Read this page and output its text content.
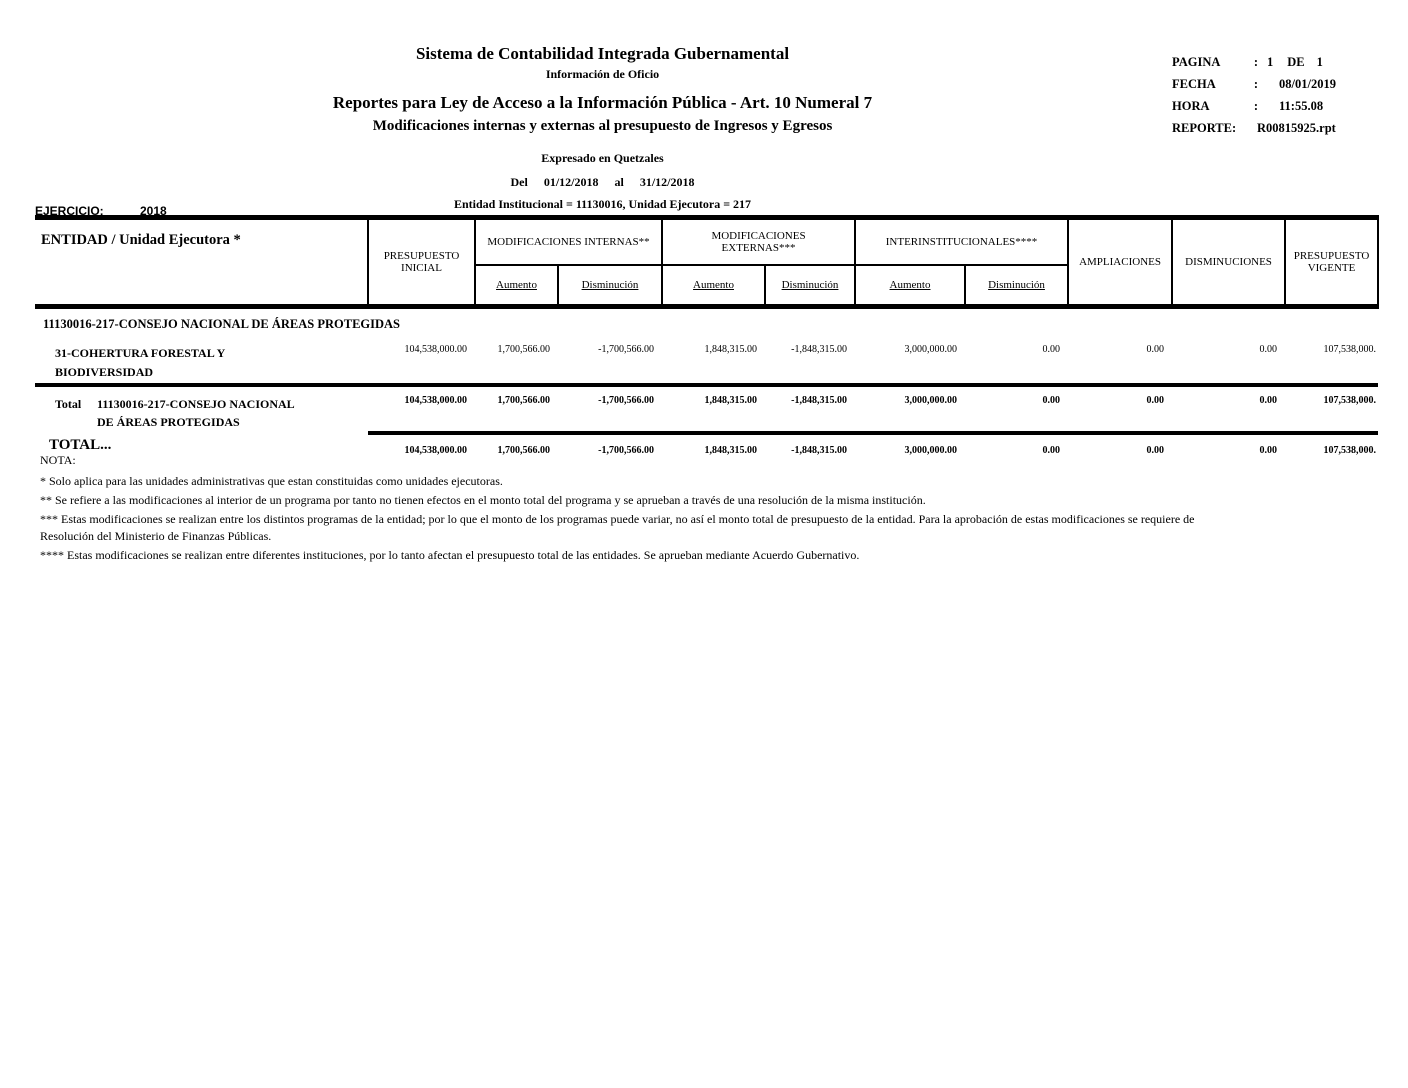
Sistema de Contabilidad Integrada Gubernamental
Información de Oficio
Reportes para Ley de Acceso a la Información Pública - Art. 10 Numeral 7
Modificaciones internas y externas al presupuesto de Ingresos y Egresos
Expresado en Quetzales
Del 01/12/2018 al 31/12/2018
Entidad Institucional = 11130016, Unidad Ejecutora = 217
PAGINA	: 1 DE 1
FECHA	:	08/01/2019
HORA	:	11:55.08
REPORTE:	R00815925.rpt
EJERCICIO:	2018
ENTIDAD / Unidad Ejecutora *	PRESUPUESTO INICIAL	MODIFICACIONES INTERNAS**		MODIFICACIONES EXTERNAS***		INTERINSTITUCIONALES****		AMPLIACIONES	DISMINUCIONES	PRESUPUESTO VIGENTE
		Aumento	Disminución	Aumento	Disminución	Aumento	Disminución			
11130016-217-CONSEJO NACIONAL DE ÁREAS PROTEGIDAS										

31-COHERTURA FORESTAL Y
BIODIVERSIDAD	104,538,000.00	1,700,566.00	-1,700,566.00	1,848,315.00	-1,848,315.00	3,000,000.00	0.00	0.00	0.00	107,538,000.

Total 11130016-217-CONSEJO NACIONAL
DE ÁREAS PROTEGIDAS	104,538,000.00	1,700,566.00	-1,700,566.00	1,848,315.00	-1,848,315.00	3,000,000.00	0.00	0.00	0.00	107,538,000.
TOTAL...	104,538,000.00	1,700,566.00	-1,700,566.00	1,848,315.00	-1,848,315.00	3,000,000.00	0.00	0.00	0.00	107,538,000.
NOTA:
* Solo aplica para las unidades administrativas que estan constituidas como unidades ejecutoras.
** Se refiere a las modificaciones al interior de un programa por tanto no tienen efectos en el monto total del programa y se aprueban a través de una resolución de la misma institución.
*** Estas modificaciones se realizan entre los distintos programas de la entidad; por lo que el monto de los programas puede variar, no así el monto total de presupuesto de la entidad. Para la aprobación de estas modificaciones se requiere de Resolución del Ministerio de Finanzas Públicas.
**** Estas modificaciones se realizan entre diferentes instituciones, por lo tanto afectan el presupuesto total de las entidades. Se aprueban mediante Acuerdo Gubernativo.
